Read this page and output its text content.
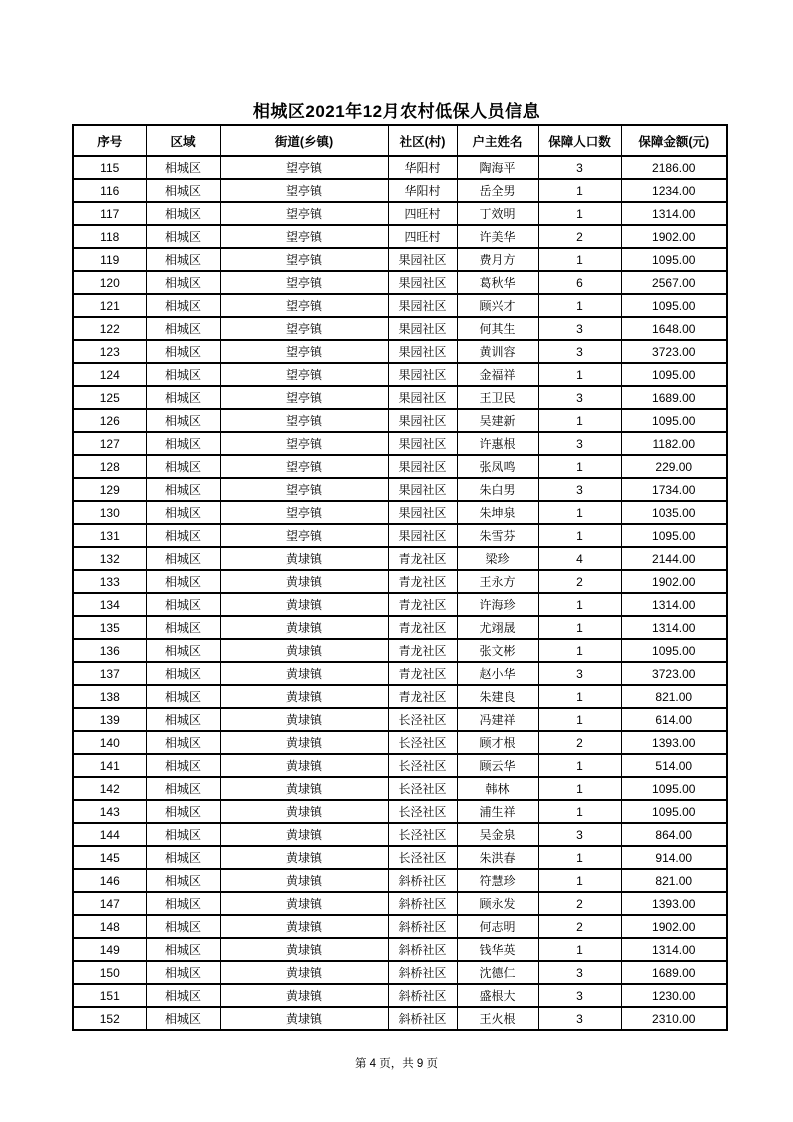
相城区2021年12月农村低保人员信息
序号	区域	街道(乡镇)	社区(村)	户主姓名	保障人口数	保障金额(元)
115	相城区	望亭镇	华阳村	陶海平	3	2186.00
116	相城区	望亭镇	华阳村	岳全男	1	1234.00
117	相城区	望亭镇	四旺村	丁效明	1	1314.00
118	相城区	望亭镇	四旺村	许美华	2	1902.00
119	相城区	望亭镇	果园社区	费月方	1	1095.00
120	相城区	望亭镇	果园社区	葛秋华	6	2567.00
121	相城区	望亭镇	果园社区	顾兴才	1	1095.00
122	相城区	望亭镇	果园社区	何其生	3	1648.00
123	相城区	望亭镇	果园社区	黄训容	3	3723.00
124	相城区	望亭镇	果园社区	金福祥	1	1095.00
125	相城区	望亭镇	果园社区	王卫民	3	1689.00
126	相城区	望亭镇	果园社区	吴建新	1	1095.00
127	相城区	望亭镇	果园社区	许惠根	3	1182.00
128	相城区	望亭镇	果园社区	张凤鸣	1	229.00
129	相城区	望亭镇	果园社区	朱白男	3	1734.00
130	相城区	望亭镇	果园社区	朱坤泉	1	1035.00
131	相城区	望亭镇	果园社区	朱雪芬	1	1095.00
132	相城区	黄埭镇	青龙社区	梁珍	4	2144.00
133	相城区	黄埭镇	青龙社区	王永方	2	1902.00
134	相城区	黄埭镇	青龙社区	许海珍	1	1314.00
135	相城区	黄埭镇	青龙社区	尤翊晟	1	1314.00
136	相城区	黄埭镇	青龙社区	张文彬	1	1095.00
137	相城区	黄埭镇	青龙社区	赵小华	3	3723.00
138	相城区	黄埭镇	青龙社区	朱建良	1	821.00
139	相城区	黄埭镇	长泾社区	冯建祥	1	614.00
140	相城区	黄埭镇	长泾社区	顾才根	2	1393.00
141	相城区	黄埭镇	长泾社区	顾云华	1	514.00
142	相城区	黄埭镇	长泾社区	韩林	1	1095.00
143	相城区	黄埭镇	长泾社区	浦生祥	1	1095.00
144	相城区	黄埭镇	长泾社区	吴金泉	3	864.00
145	相城区	黄埭镇	长泾社区	朱洪春	1	914.00
146	相城区	黄埭镇	斜桥社区	符慧珍	1	821.00
147	相城区	黄埭镇	斜桥社区	顾永发	2	1393.00
148	相城区	黄埭镇	斜桥社区	何志明	2	1902.00
149	相城区	黄埭镇	斜桥社区	钱华英	1	1314.00
150	相城区	黄埭镇	斜桥社区	沈德仁	3	1689.00
151	相城区	黄埭镇	斜桥社区	盛根大	3	1230.00
152	相城区	黄埭镇	斜桥社区	王火根	3	2310.00
第 4 页，共 9 页
